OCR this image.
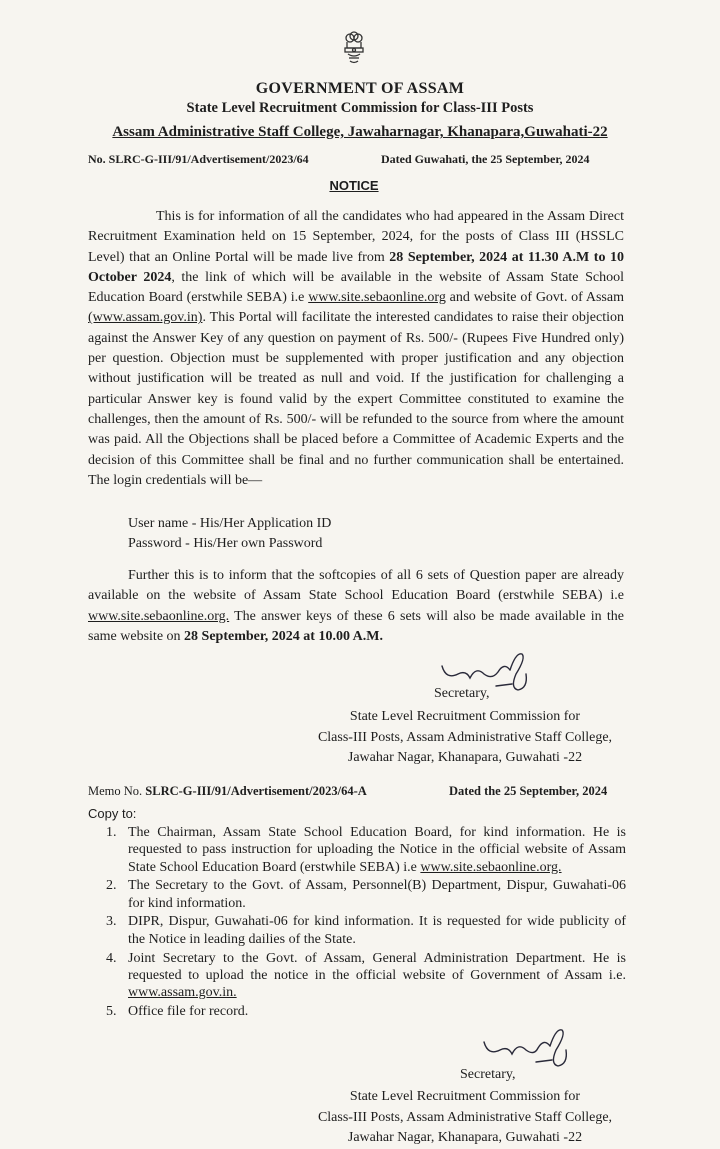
GOVERNMENT OF ASSAM
State Level Recruitment Commission for Class-III Posts
Assam Administrative Staff College, Jawaharnagar, Khanapara,Guwahati-22
No. SLRC-G-III/91/Advertisement/2023/64	Dated Guwahati, the 25 September, 2024
NOTICE
This is for information of all the candidates who had appeared in the Assam Direct Recruitment Examination held on 15 September, 2024, for the posts of Class III (HSSLC Level) that an Online Portal will be made live from 28 September, 2024 at 11.30 A.M to 10 October 2024, the link of which will be available in the website of Assam State School Education Board (erstwhile SEBA) i.e www.site.sebaonline.org and website of Govt. of Assam (www.assam.gov.in). This Portal will facilitate the interested candidates to raise their objection against the Answer Key of any question on payment of Rs. 500/- (Rupees Five Hundred only) per question. Objection must be supplemented with proper justification and any objection without justification will be treated as null and void. If the justification for challenging a particular Answer key is found valid by the expert Committee constituted to examine the challenges, then the amount of Rs. 500/- will be refunded to the source from where the amount was paid. All the Objections shall be placed before a Committee of Academic Experts and the decision of this Committee shall be final and no further communication shall be entertained. The login credentials will be—
User name - His/Her Application ID
Password - His/Her own Password
Further this is to inform that the softcopies of all 6 sets of Question paper are already available on the website of Assam State School Education Board (erstwhile SEBA) i.e www.site.sebaonline.org. The answer keys of these 6 sets will also be made available in the same website on 28 September, 2024 at 10.00 A.M.
Secretary,
State Level Recruitment Commission for
Class-III Posts, Assam Administrative Staff College,
Jawahar Nagar, Khanapara, Guwahati -22
Memo No. SLRC-G-III/91/Advertisement/2023/64-A	Dated the 25 September, 2024
Copy to:
1. The Chairman, Assam State School Education Board, for kind information. He is requested to pass instruction for uploading the Notice in the official website of Assam State School Education Board (erstwhile SEBA) i.e www.site.sebaonline.org.
2. The Secretary to the Govt. of Assam, Personnel(B) Department, Dispur, Guwahati-06 for kind information.
3. DIPR, Dispur, Guwahati-06 for kind information. It is requested for wide publicity of the Notice in leading dailies of the State.
4. Joint Secretary to the Govt. of Assam, General Administration Department. He is requested to upload the notice in the official website of Government of Assam i.e. www.assam.gov.in.
5. Office file for record.
Secretary,
State Level Recruitment Commission for
Class-III Posts, Assam Administrative Staff College,
Jawahar Nagar, Khanapara, Guwahati -22
